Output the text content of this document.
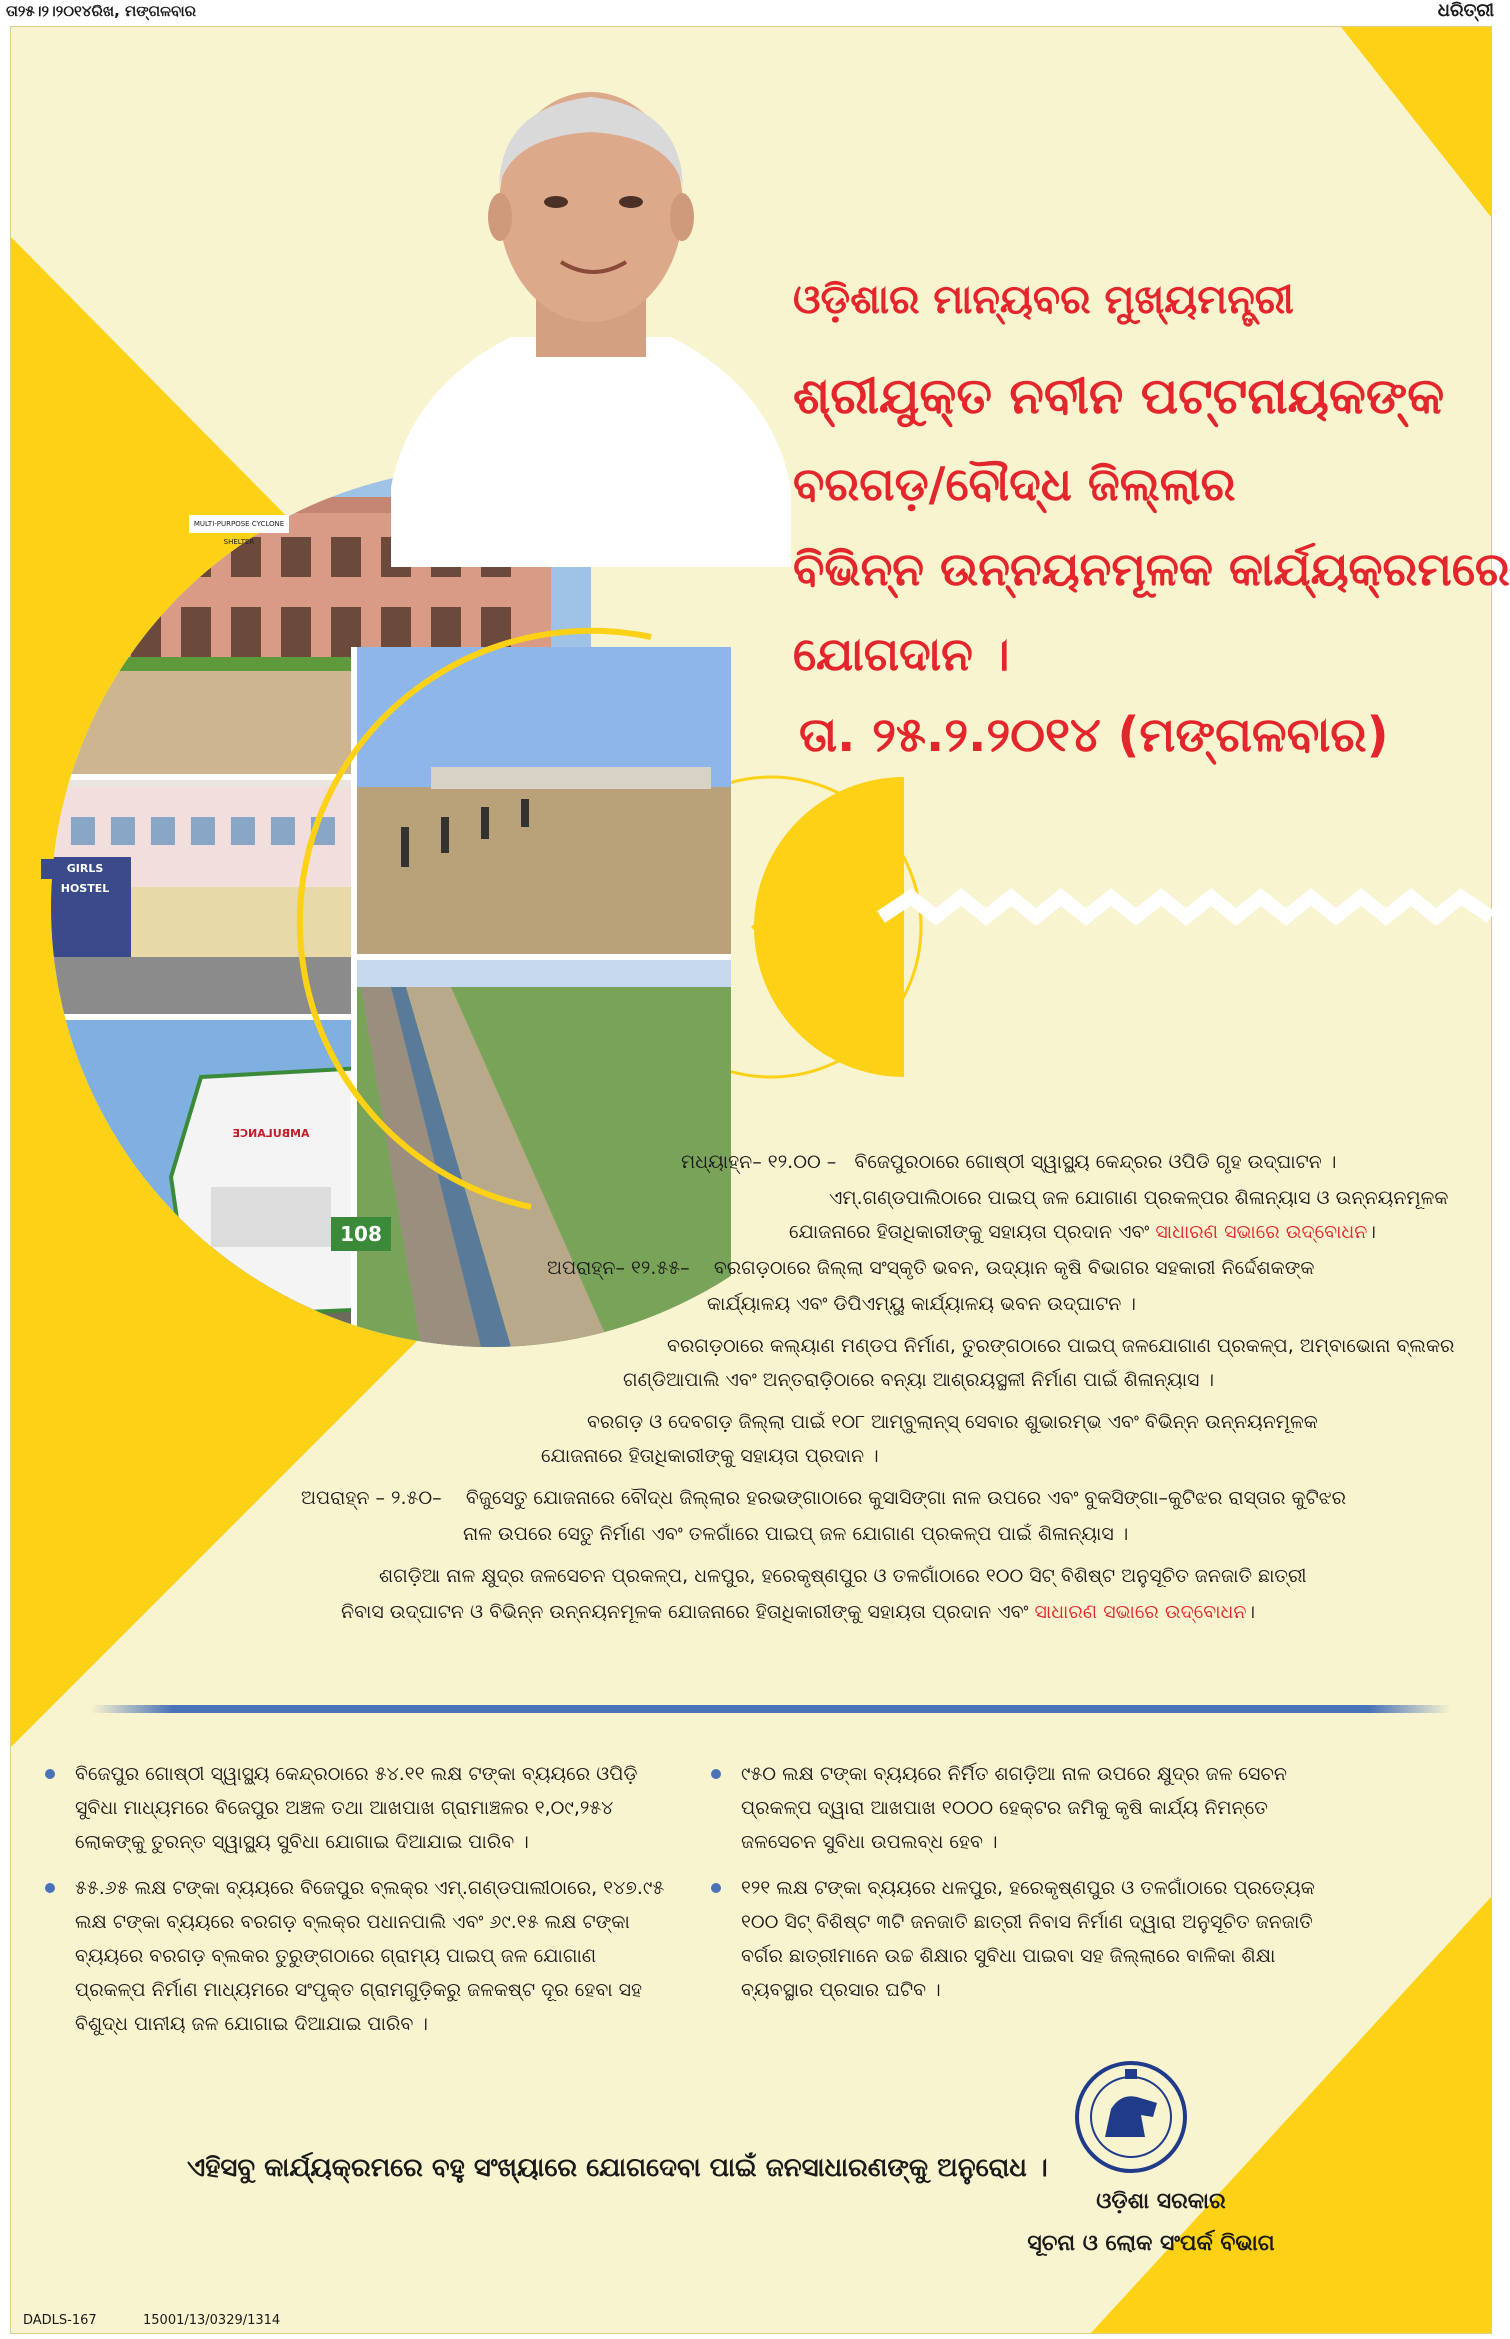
ତା୨୫।୨।୨୦୧୪ରିଖ, ମଙ୍ଗଳବାର	ଧରିତ୍ରୀ
MULTI-PURPOSE CYCLONE SHELTER
GIRLS HOSTEL
AMBULANCE
108
ଓଡ଼ିଶାର ମାନ୍ୟବର ମୁଖ୍ୟମନ୍ତ୍ରୀ
ଶ୍ରୀଯୁକ୍ତ ନବୀନ ପଟ୍ଟନାୟକଙ୍କ
ବରଗଡ଼/ବୌଦ୍ଧ ଜିଲ୍ଲାର
ବିଭିନ୍ନ ଉନ୍ନୟନମୂଳକ କାର୍ଯ୍ୟକ୍ରମରେ
ଯୋଗଦାନ ।
ତା. ୨୫.୨.୨୦୧୪ (ମଙ୍ଗଳବାର)

ମଧ୍ୟାହ୍ନ– ୧୨.୦୦ – ବିଜେପୁରଠାରେ ଗୋଷ୍ଠୀ ସ୍ୱାସ୍ଥ୍ୟ କେନ୍ଦ୍ରର ଓପିଡି ଗୃହ ଉଦ୍‌ଘାଟନ ।

ଏମ୍.ଗଣ୍ଡପାଲିଠାରେ ପାଇପ୍ ଜଳ ଯୋଗାଣ ପ୍ରକଳ୍ପର ଶିଳାନ୍ୟାସ ଓ ଉନ୍ନୟନମୂଳକ

ଯୋଜନାରେ ହିତାଧିକାରୀଙ୍କୁ ସହାୟତା ପ୍ରଦାନ ଏବଂ ସାଧାରଣ ସଭାରେ ଉଦ୍‌ବୋଧନ।

ଅପରାହ୍ନ– ୧୨.୫୫– ବରଗଡ଼ଠାରେ ଜିଲ୍ଲା ସଂସ୍କୃତି ଭବନ, ଉଦ୍ୟାନ କୃଷି ବିଭାଗର ସହକାରୀ ନିର୍ଦ୍ଦେଶକଙ୍କ

କାର୍ଯ୍ୟାଳୟ ଏବଂ ଡିପିଏମ୍‌ୟୁ କାର୍ଯ୍ୟାଳୟ ଭବନ ଉଦ୍‌ଘାଟନ ।

ବରଗଡ଼ଠାରେ କଲ୍ୟାଣ ମଣ୍ଡପ ନିର୍ମାଣ, ତୁରଙ୍ଗଠାରେ ପାଇପ୍ ଜଳଯୋଗାଣ ପ୍ରକଳ୍ପ, ଅମ୍ବାଭୋନା ବ୍ଲକର

ଗଣ୍ଡିଆପାଲି ଏବଂ ଅନ୍ତରାଡ଼ିଠାରେ ବନ୍ୟା ଆଶ୍ରୟସ୍ଥଳୀ ନିର୍ମାଣ ପାଇଁ ଶିଳାନ୍ୟାସ ।

ବରଗଡ଼ ଓ ଦେବଗଡ଼ ଜିଲ୍ଲା ପାଇଁ ୧୦୮ ଆମ୍ବୁଲାନ୍ସ୍ ସେବାର ଶୁଭାରମ୍ଭ ଏବଂ ବିଭିନ୍ନ ଉନ୍ନୟନମୂଳକ

ଯୋଜନାରେ ହିତାଧିକାରୀଙ୍କୁ ସହାୟତା ପ୍ରଦାନ ।

ଅପରାହ୍ନ – ୨.୫୦– ବିଜୁସେତୁ ଯୋଜନାରେ ବୌଦ୍ଧ ଜିଲ୍ଲାର ହରଭଙ୍ଗାଠାରେ କୁସାସିଙ୍ଗା ନାଳ ଉପରେ ଏବଂ ବୁକସିଙ୍ଗା–କୁଟିଝର ରାସ୍ତାର କୁଟିଝର

ନାଳ ଉପରେ ସେତୁ ନିର୍ମାଣ ଏବଂ ତଳଗାଁରେ ପାଇପ୍ ଜଳ ଯୋଗାଣ ପ୍ରକଳ୍ପ ପାଇଁ ଶିଳାନ୍ୟାସ ।

ଶଗଡ଼ିଆ ନାଳ କ୍ଷୁଦ୍ର ଜଳସେଚନ ପ୍ରକଳ୍ପ, ଧଳପୁର, ହରେକୃଷ୍ଣପୁର ଓ ତଳଗାଁଠାରେ ୧୦୦ ସିଟ୍ ବିଶିଷ୍ଟ ଅନୁସୂଚିତ ଜନଜାତି ଛାତ୍ରୀ

ନିବାସ ଉଦ୍‌ଘାଟନ ଓ ବିଭିନ୍ନ ଉନ୍ନୟନମୂଳକ ଯୋଜନାରେ ହିତାଧିକାରୀଙ୍କୁ ସହାୟତା ପ୍ରଦାନ ଏବଂ ସାଧାରଣ ସଭାରେ ଉଦ୍‌ବୋଧନ।

ବିଜେପୁର ଗୋଷ୍ଠୀ ସ୍ୱାସ୍ଥ୍ୟ କେନ୍ଦ୍ରଠାରେ ୫୪.୧୧ ଲକ୍ଷ ଟଙ୍କା ବ୍ୟୟରେ ଓପିଡ଼ି ସୁବିଧା ମାଧ୍ୟମରେ ବିଜେପୁର ଅଞ୍ଚଳ ତଥା ଆଖପାଖ ଗ୍ରାମାଞ୍ଚଳର ୧,୦୯,୨୫୪ ଲୋକଙ୍କୁ ତୁରନ୍ତ ସ୍ୱାସ୍ଥ୍ୟ ସୁବିଧା ଯୋଗାଇ ଦିଆଯାଇ ପାରିବ ।
୫୫.୬୫ ଲକ୍ଷ ଟଙ୍କା ବ୍ୟୟରେ ବିଜେପୁର ବ୍ଲକ୍‌ର ଏମ୍.ଗଣ୍ଡପାଲୀଠାରେ, ୧୪୭.୯୫ ଲକ୍ଷ ଟଙ୍କା ବ୍ୟୟରେ ବରଗଡ଼ ବ୍ଲକ୍‌ର ପଧାନପାଲି ଏବଂ ୬୯.୧୫ ଲକ୍ଷ ଟଙ୍କା ବ୍ୟୟରେ ବରଗଡ଼ ବ୍ଲକର ତୁରୁଙ୍ଗଠାରେ ଗ୍ରାମ୍ୟ ପାଇପ୍ ଜଳ ଯୋଗାଣ ପ୍ରକଳ୍ପ ନିର୍ମାଣ ମାଧ୍ୟମରେ ସଂପୃକ୍ତ ଗ୍ରାମଗୁଡ଼ିକରୁ ଜଳକଷ୍ଟ ଦୂର ହେବା ସହ ବିଶୁଦ୍ଧ ପାନୀୟ ଜଳ ଯୋଗାଇ ଦିଆଯାଇ ପାରିବ ।
୯୫୦ ଲକ୍ଷ ଟଙ୍କା ବ୍ୟୟରେ ନିର୍ମିତ ଶଗଡ଼ିଆ ନାଳ ଉପରେ କ୍ଷୁଦ୍ର ଜଳ ସେଚନ ପ୍ରକଳ୍ପ ଦ୍ୱାରା ଆଖପାଖ ୧୦୦୦ ହେକ୍ଟର ଜମିକୁ କୃଷି କାର୍ଯ୍ୟ ନିମନ୍ତେ ଜଳସେଚନ ସୁବିଧା ଉପଲବ୍ଧ ହେବ ।
୧୨୧ ଲକ୍ଷ ଟଙ୍କା ବ୍ୟୟରେ ଧଳପୁର, ହରେକୃଷ୍ଣପୁର ଓ ତଳଗାଁଠାରେ ପ୍ରତ୍ୟେକ ୧୦୦ ସିଟ୍ ବିଶିଷ୍ଟ ୩ଟି ଜନଜାତି ଛାତ୍ରୀ ନିବାସ ନିର୍ମାଣ ଦ୍ୱାରା ଅନୁସୂଚିତ ଜନଜାତି ବର୍ଗର ଛାତ୍ରୀମାନେ ଉଚ୍ଚ ଶିକ୍ଷାର ସୁବିଧା ପାଇବା ସହ ଜିଲ୍ଲାରେ ବାଳିକା ଶିକ୍ଷା ବ୍ୟବସ୍ଥାର ପ୍ରସାର ଘଟିବ ।
ଏହିସବୁ କାର୍ଯ୍ୟକ୍ରମରେ ବହୁ ସଂଖ୍ୟାରେ ଯୋଗଦେବା ପାଇଁ ଜନସାଧାରଣଙ୍କୁ ଅନୁରୋଧ ।
ଓଡ଼ିଶା ସରକାର
ସୂଚନା ଓ ଲୋକ ସଂପର୍କ ବିଭାଗ
DADLS-167	15001/13/0329/1314
